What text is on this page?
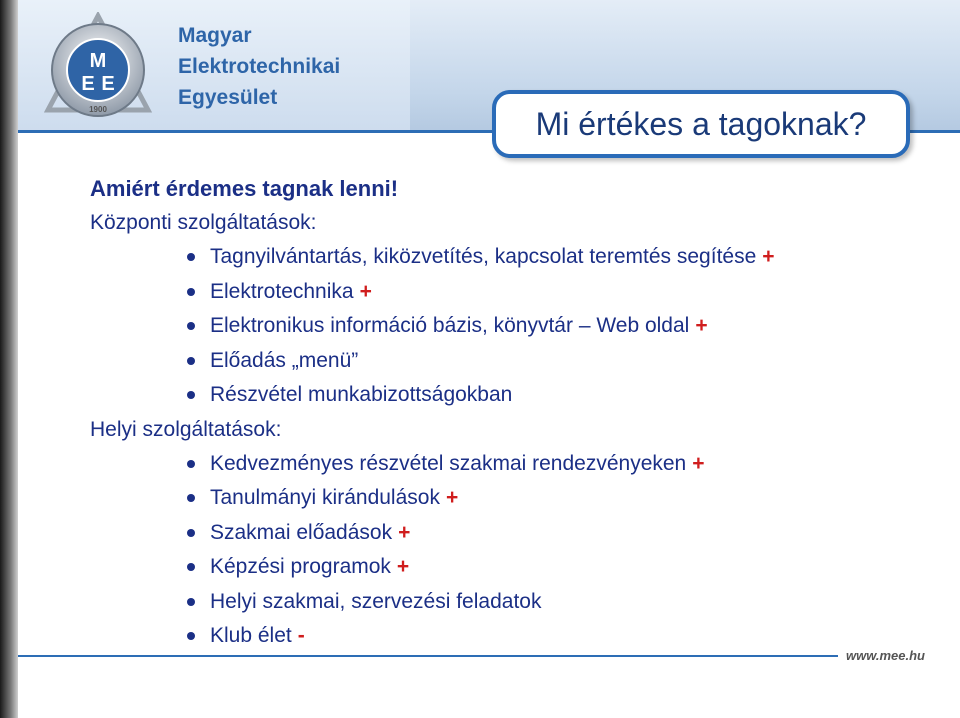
M
E E
1900
Magyar
Elektrotechnikai
Egyesület
Mi értékes a tagoknak?
Amiért érdemes tagnak lenni!
Központi szolgáltatások:
Tagnyilvántartás, kiközvetítés, kapcsolat teremtés segítése +
Elektrotechnika +
Elektronikus információ bázis, könyvtár – Web oldal +
Előadás „menü”
Részvétel munkabizottságokban
Helyi szolgáltatások:
Kedvezményes részvétel szakmai rendezvényeken +
Tanulmányi kirándulások +
Szakmai előadások +
Képzési programok +
Helyi szakmai, szervezési feladatok
Klub élet -
www.mee.hu
